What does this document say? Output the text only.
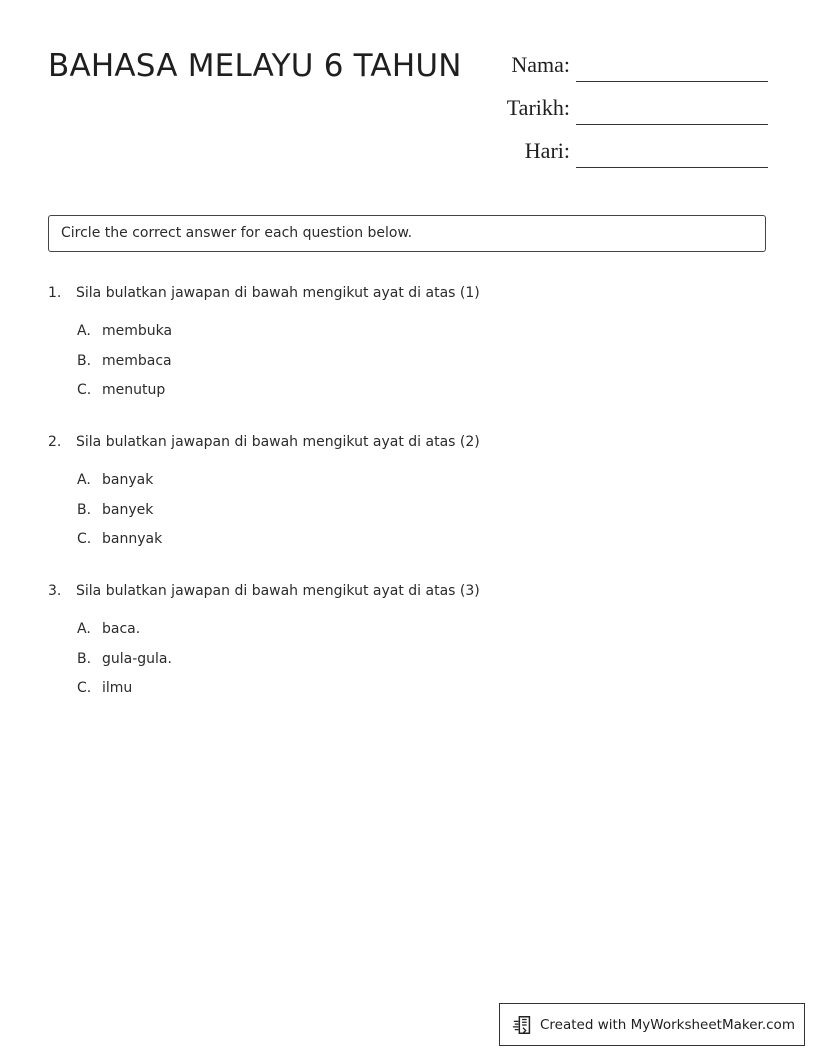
BAHASA MELAYU 6 TAHUN Nama:
Tarikh:
Hari:
Circle the correct answer for each question below.
1. Sila bulatkan jawapan di bawah mengikut ayat di atas (1)
A. membuka
B. membaca
C. menutup
2. Sila bulatkan jawapan di bawah mengikut ayat di atas (2)
A. banyak
B. banyek
C. bannyak
3. Sila bulatkan jawapan di bawah mengikut ayat di atas (3)
A. baca.
B. gula-gula.
C. ilmu
Created with MyWorksheetMaker.com
